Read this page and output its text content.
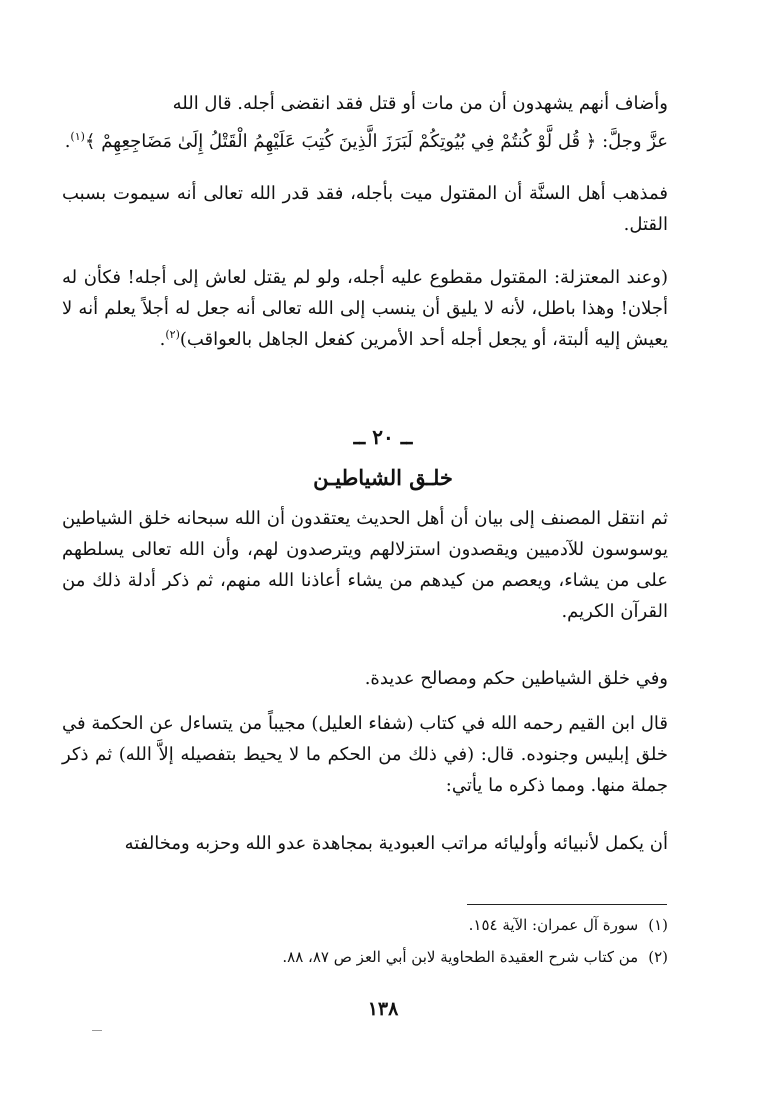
وأضاف أنهم يشهدون أن من مات أو قتل فقد انقضى أجله. قال الله

عزَّ وجلَّ: ﴿ قُل لَّوْ كُنتُمْ فِي بُيُوتِكُمْ لَبَرَزَ الَّذِينَ كُتِبَ عَلَيْهِمُ الْقَتْلُ إِلَىٰ مَضَاجِعِهِمْ ﴾$^{(١)}$.

فمذهب أهل السنَّة أن المقتول ميت بأجله، فقد قدر الله تعالى أنه سيموت بسبب القتل.

(وعند المعتزلة: المقتول مقطوع عليه أجله، ولو لم يقتل لعاش إلى أجله! فكأن له أجلان! وهذا باطل، لأنه لا يليق أن ينسب إلى الله تعالى أنه جعل له أجلاً يعلم أنه لا يعيش إليه ألبتة، أو يجعل أجله أحد الأمرين كفعل الجاهل بالعواقب)$^{(٢)}$.

ــ ٢٠ ــ
خلـق الشياطيـن

ثم انتقل المصنف إلى بيان أن أهل الحديث يعتقدون أن الله سبحانه خلق الشياطين يوسوسون للآدميين ويقصدون استزلالهم ويترصدون لهم، وأن الله تعالى يسلطهم على من يشاء، ويعصم من كيدهم من يشاء أعاذنا الله منهم، ثم ذكر أدلة ذلك من القرآن الكريم.

وفي خلق الشياطين حكم ومصالح عديدة.

قال ابن القيم رحمه الله في كتاب (شفاء العليل) مجيباً من يتساءل عن الحكمة في خلق إبليس وجنوده. قال: (في ذلك من الحكم ما لا يحيط بتفصيله إلاَّ الله) ثم ذكر جملة منها. ومما ذكره ما يأتي:

أن يكمل لأنبيائه وأوليائه مراتب العبودية بمجاهدة عدو الله وحزبه ومخالفته

(١)سورة آل عمران: الآية ١٥٤.
(٢)من كتاب شرح العقيدة الطحاوية لابن أبي العز ص ٨٧، ٨٨.
١٣٨
